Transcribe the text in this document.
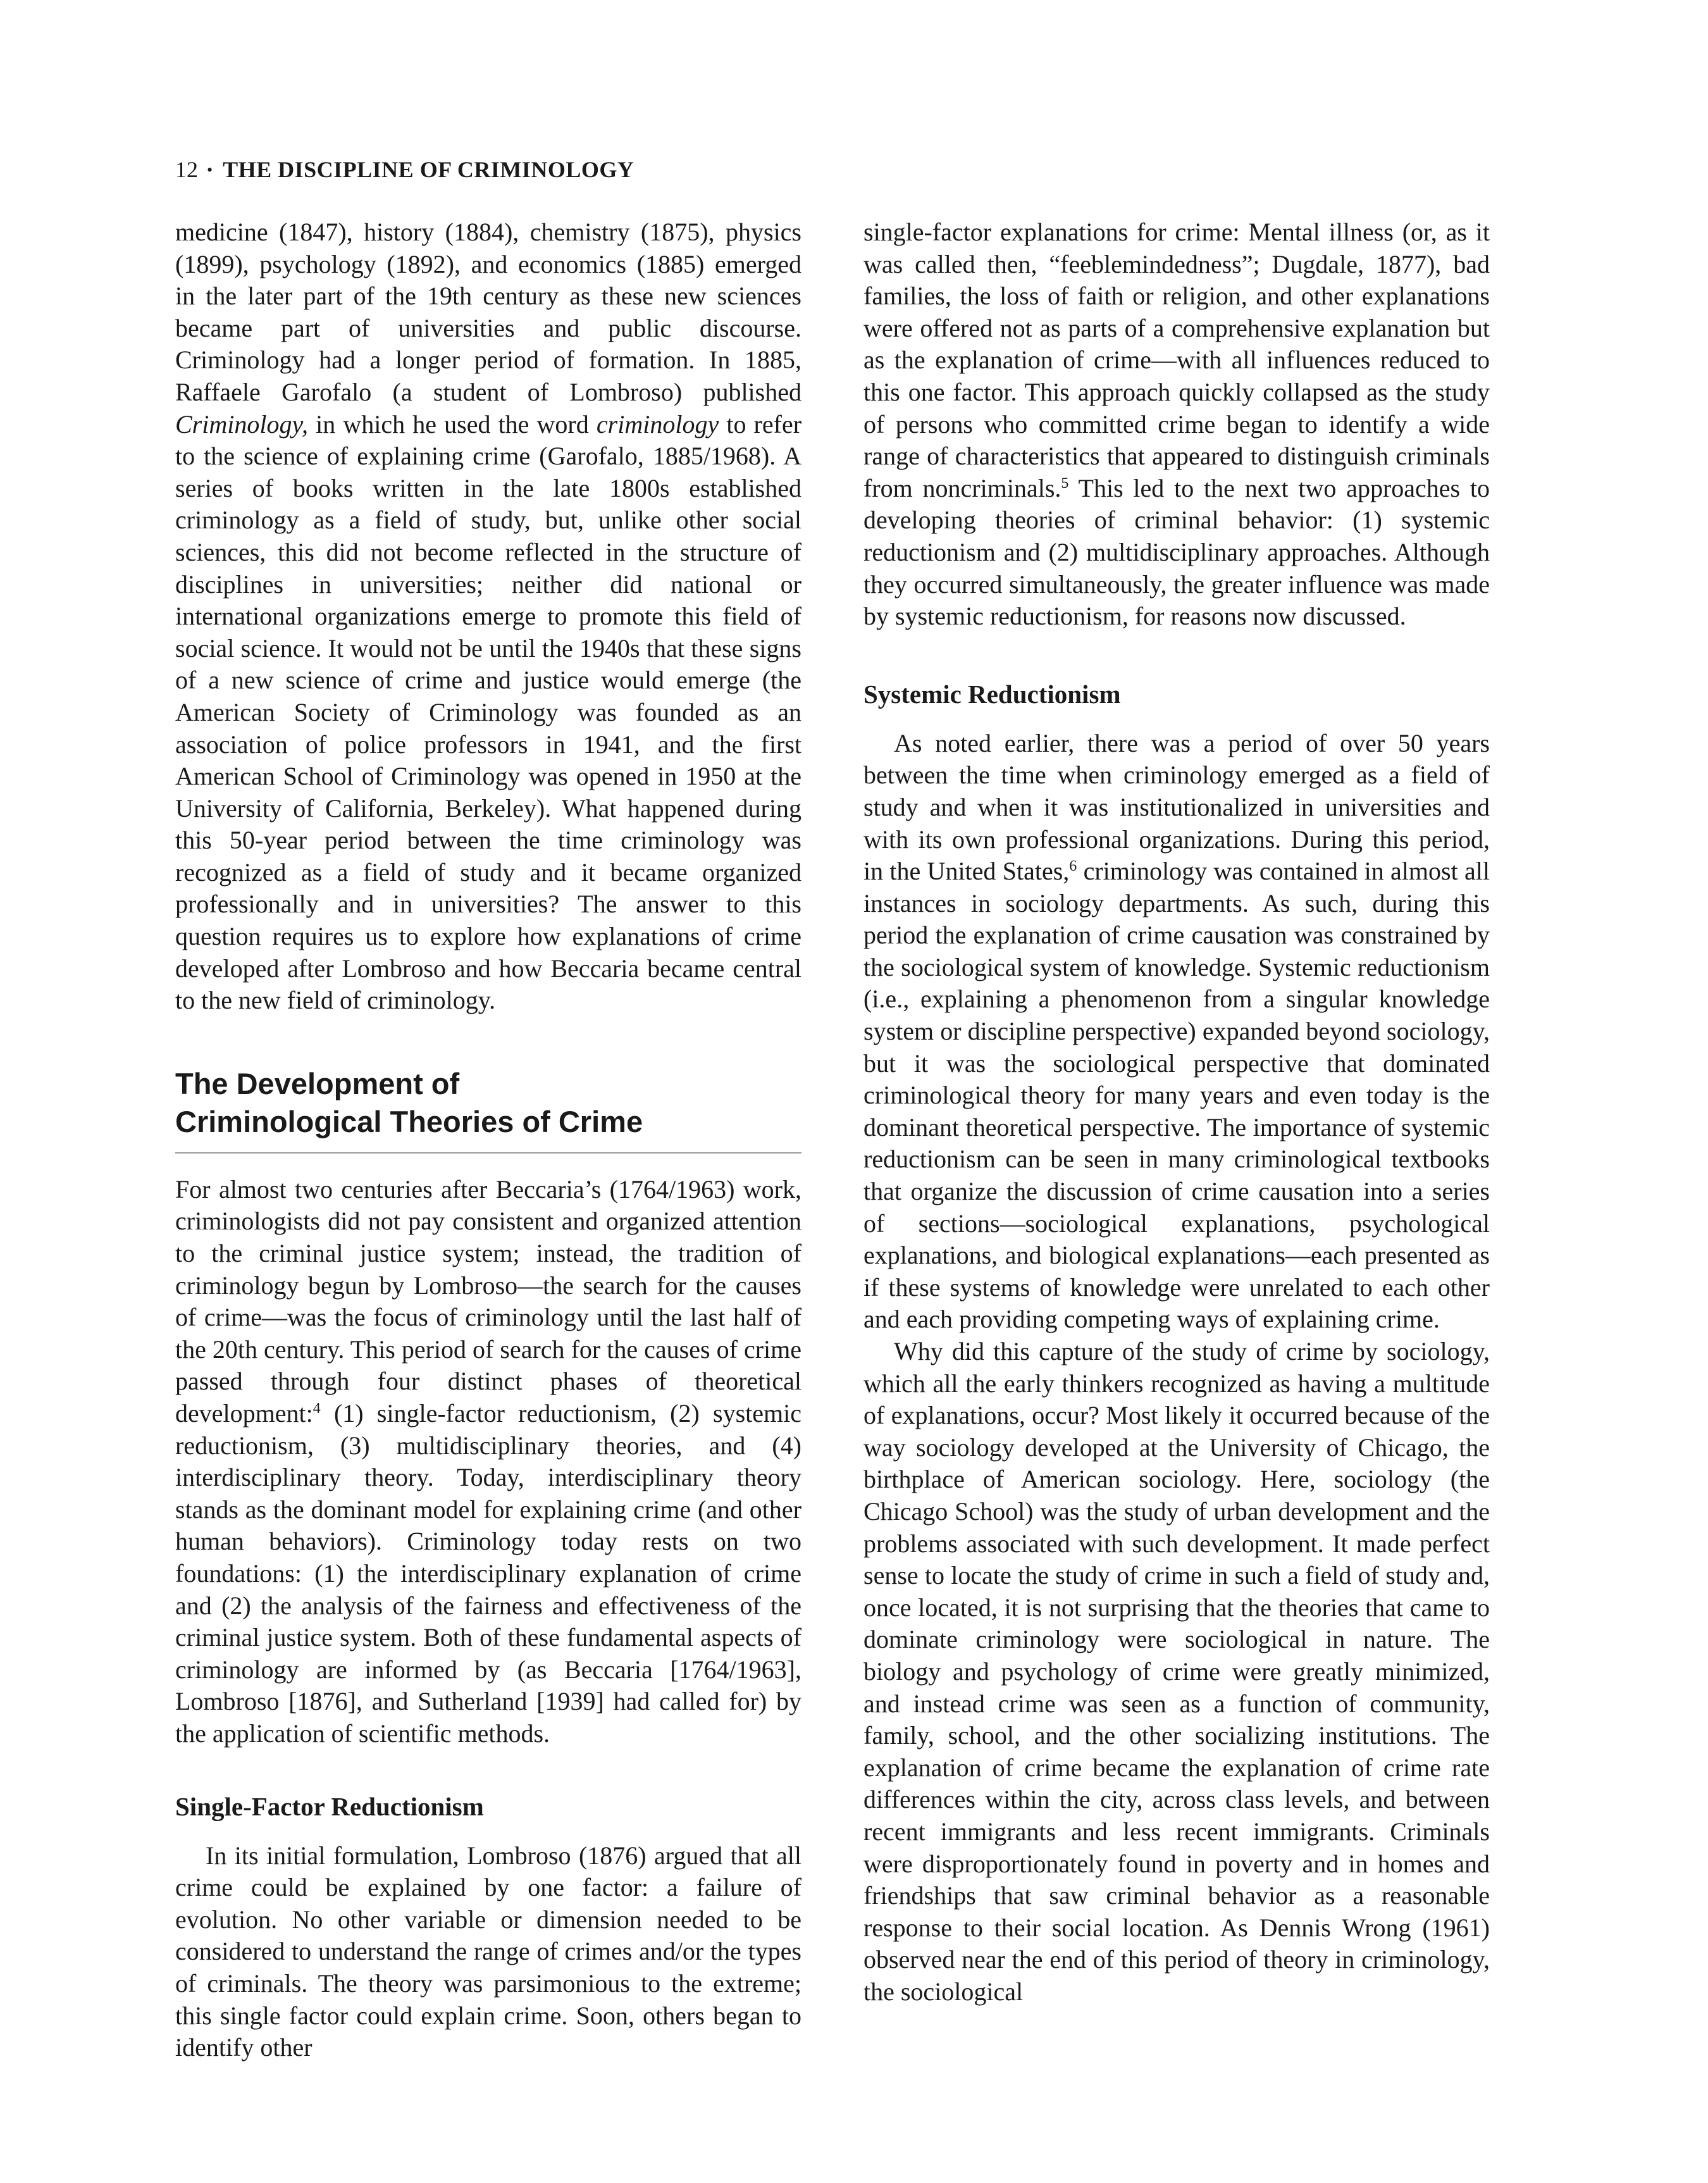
12 • THE DISCIPLINE OF CRIMINOLOGY

medicine (1847), history (1884), chemistry (1875), physics (1899), psychology (1892), and economics (1885) emerged in the later part of the 19th century as these new sciences became part of universities and public discourse. Criminology had a longer period of formation. In 1885, Raffaele Garofalo (a student of Lombroso) published Criminology, in which he used the word criminology to refer to the science of explaining crime (Garofalo, 1885/1968). A series of books written in the late 1800s established criminology as a field of study, but, unlike other social sciences, this did not become reflected in the structure of disciplines in universities; neither did national or international organizations emerge to promote this field of social science. It would not be until the 1940s that these signs of a new science of crime and justice would emerge (the American Society of Criminology was founded as an association of police professors in 1941, and the first American School of Criminology was opened in 1950 at the University of California, Berkeley). What happened during this 50-year period between the time criminology was recognized as a field of study and it became organized professionally and in universities? The answer to this question requires us to explore how explanations of crime developed after Lombroso and how Beccaria became central to the new field of criminology.

The Development of
Criminological Theories of Crime

For almost two centuries after Beccaria’s (1764/1963) work, criminologists did not pay consistent and organized attention to the criminal justice system; instead, the tradition of criminology begun by Lombroso—the search for the causes of crime—was the focus of criminology until the last half of the 20th century. This period of search for the causes of crime passed through four distinct phases of theoretical development:$^4$ (1) single-factor reductionism, (2) systemic reductionism, (3) multidisciplinary theories, and (4) interdisciplinary theory. Today, interdisciplinary theory stands as the dominant model for explaining crime (and other human behaviors). Criminology today rests on two foundations: (1) the interdisciplinary explanation of crime and (2) the analysis of the fairness and effectiveness of the criminal justice system. Both of these fundamental aspects of criminology are informed by (as Beccaria [1764/1963], Lombroso [1876], and Sutherland [1939] had called for) by the application of scientific methods.

Single-Factor Reductionism

In its initial formulation, Lombroso (1876) argued that all crime could be explained by one factor: a failure of evolution. No other variable or dimension needed to be considered to understand the range of crimes and/or the types of criminals. The theory was parsimonious to the extreme; this single factor could explain crime. Soon, others began to identify other

single-factor explanations for crime: Mental illness (or, as it was called then, “feeblemindedness”; Dugdale, 1877), bad families, the loss of faith or religion, and other explanations were offered not as parts of a comprehensive explanation but as the explanation of crime—with all influences reduced to this one factor. This approach quickly collapsed as the study of persons who committed crime began to identify a wide range of characteristics that appeared to distinguish criminals from noncriminals.$^5$ This led to the next two approaches to developing theories of criminal behavior: (1) systemic reductionism and (2) multidisciplinary approaches. Although they occurred simultaneously, the greater influence was made by systemic reductionism, for reasons now discussed.

Systemic Reductionism

As noted earlier, there was a period of over 50 years between the time when criminology emerged as a field of study and when it was institutionalized in universities and with its own professional organizations. During this period, in the United States,$^6$ criminology was contained in almost all instances in sociology departments. As such, during this period the explanation of crime causation was constrained by the sociological system of knowledge. Systemic reductionism (i.e., explaining a phenomenon from a singular knowledge system or discipline perspective) expanded beyond sociology, but it was the sociological perspective that dominated criminological theory for many years and even today is the dominant theoretical perspective. The importance of systemic reductionism can be seen in many criminological textbooks that organize the discussion of crime causation into a series of sections—sociological explanations, psychological explanations, and biological explanations—each presented as if these systems of knowledge were unrelated to each other and each providing competing ways of explaining crime.

Why did this capture of the study of crime by sociology, which all the early thinkers recognized as having a multitude of explanations, occur? Most likely it occurred because of the way sociology developed at the University of Chicago, the birthplace of American sociology. Here, sociology (the Chicago School) was the study of urban development and the problems associated with such development. It made perfect sense to locate the study of crime in such a field of study and, once located, it is not surprising that the theories that came to dominate criminology were sociological in nature. The biology and psychology of crime were greatly minimized, and instead crime was seen as a function of community, family, school, and the other socializing institutions. The explanation of crime became the explanation of crime rate differences within the city, across class levels, and between recent immigrants and less recent immigrants. Criminals were disproportionately found in poverty and in homes and friendships that saw criminal behavior as a reasonable response to their social location. As Dennis Wrong (1961) observed near the end of this period of theory in criminology, the sociological
